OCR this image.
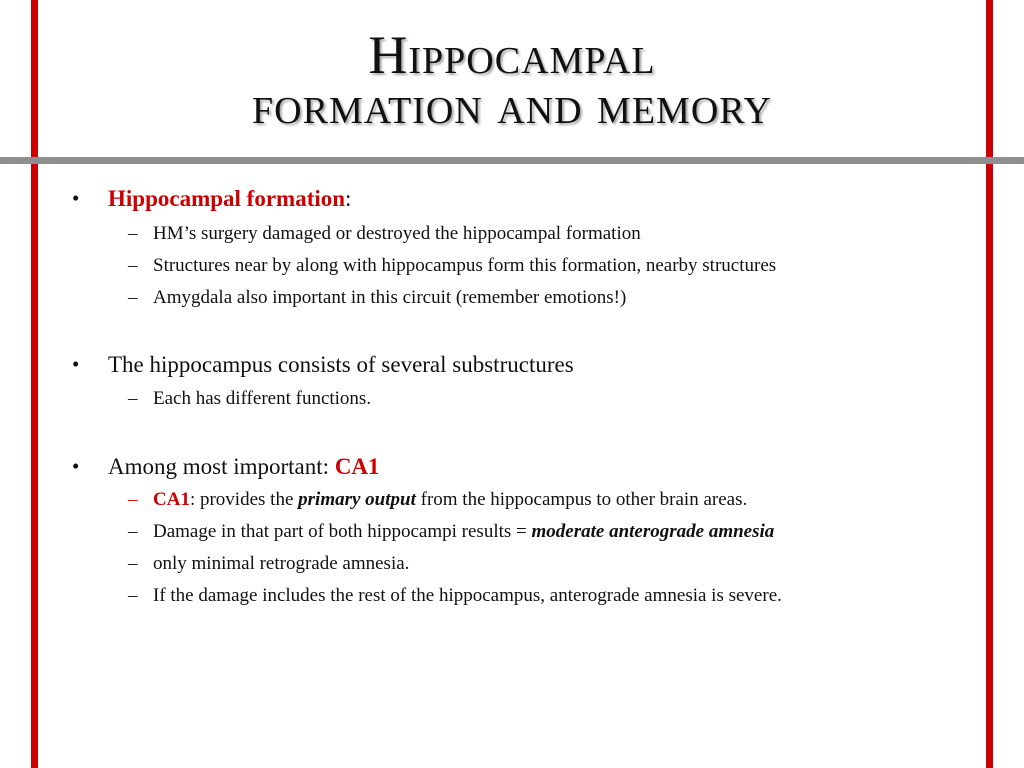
Hippocampal
formation and memory
• Hippocampal formation:
– HM’s surgery damaged or destroyed the hippocampal formation
– Structures near by along with hippocampus form this formation, nearby structures
– Amygdala also important in this circuit (remember emotions!)
• The hippocampus consists of several substructures
– Each has different functions.
• Among most important: CA1
– CA1: provides the primary output from the hippocampus to other brain areas.
– Damage in that part of both hippocampi results = moderate anterograde amnesia
– only minimal retrograde amnesia.
– If the damage includes the rest of the hippocampus, anterograde amnesia is severe.
